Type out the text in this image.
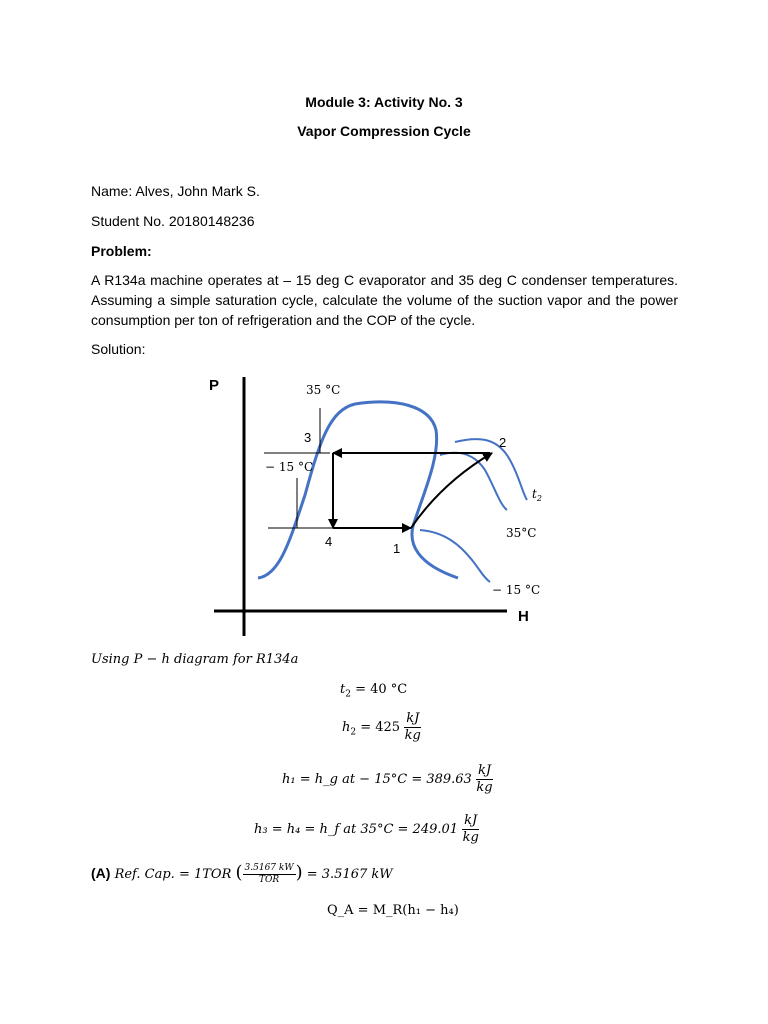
Module 3: Activity No. 3
Vapor Compression Cycle
Name: Alves, John Mark S.
Student No. 20180148236
Problem:
A R134a machine operates at – 15 deg C evaporator and 35 deg C condenser temperatures. Assuming a simple saturation cycle, calculate the volume of the suction vapor and the power consumption per ton of refrigeration and the COP of the cycle.
Solution:
P
H
35 °C
3	2
− 15 °C
$t_2$
4	1
35°C
− 15 °C
Using P − h diagram for R134a
$t_2 = 40$ °C
$h_2 = 425 \frac{kJ}{kg}$
h₁ = h_g at − $15^\circ C = 389.63 \frac{kJ}{kg}$
h₃ = h₄ = h_f at $35^\circ C = 249.01 \frac{kJ}{kg}$
(A) Ref. Cap. = 1TOR ( $\frac{3.5167 kW}{\text{TOR}}$ ) = 3.5167 kW
Q_A = M_R(h₁ − h₄)
